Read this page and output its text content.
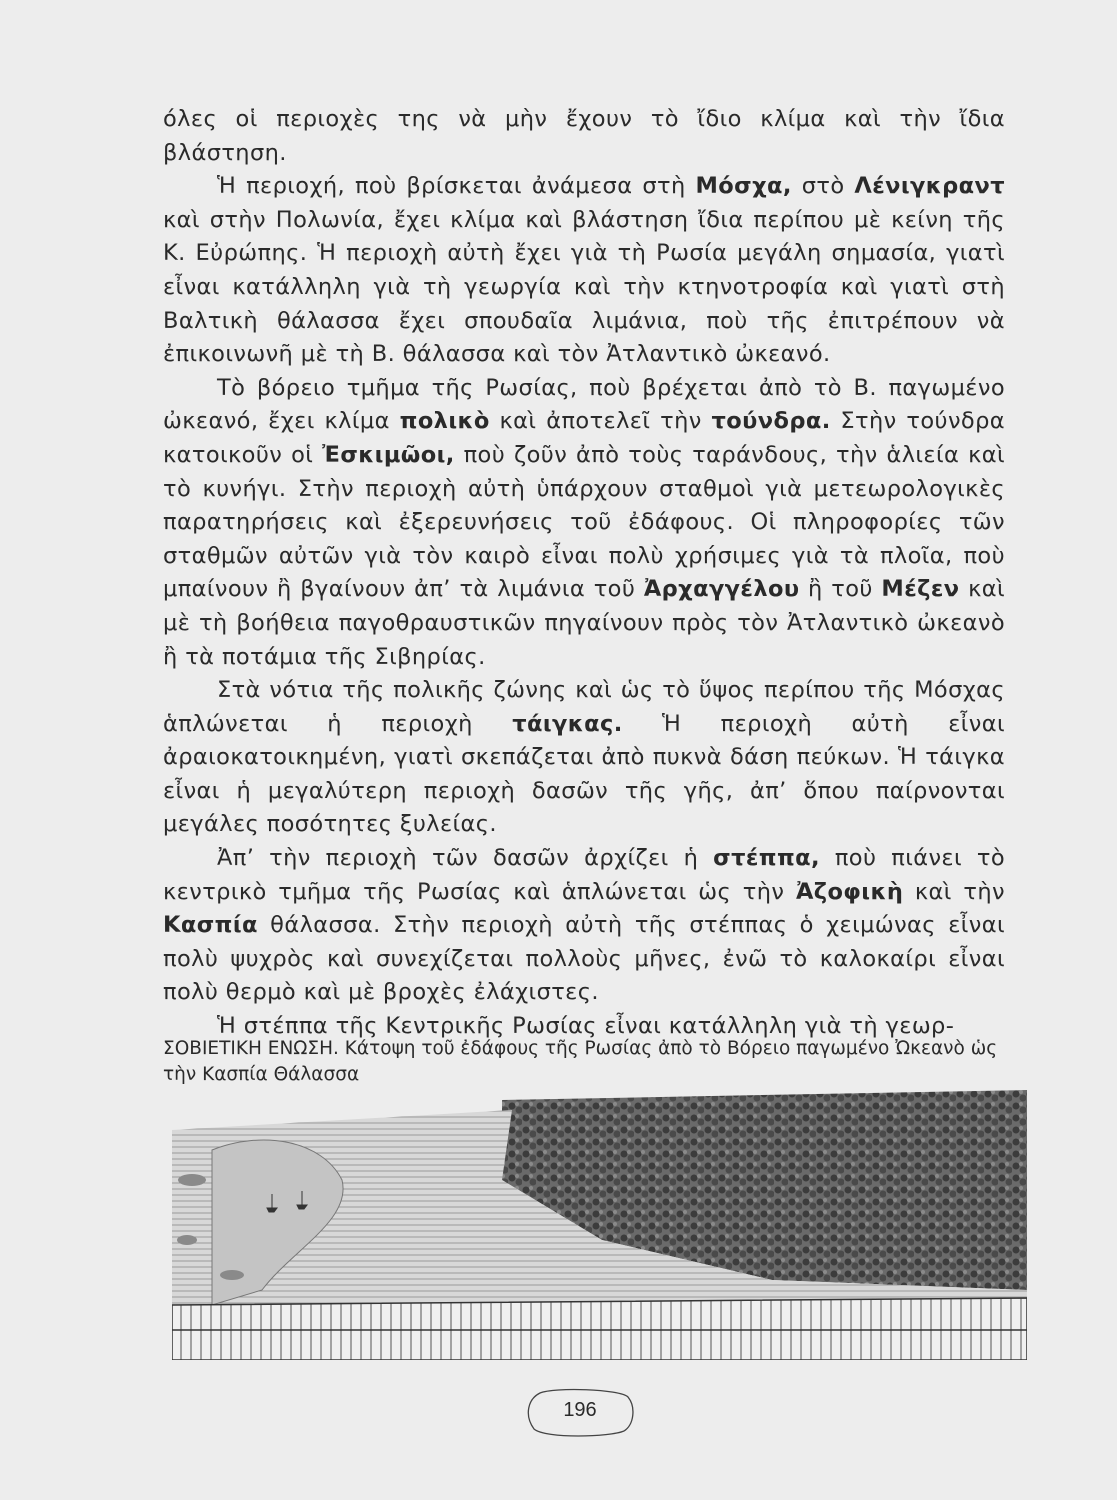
όλες οἱ περιοχὲς της νὰ μὴν ἔχουν τὸ ἴδιο κλίμα καὶ τὴν ἴδια βλάστηση.

Ἡ περιοχή, ποὺ βρίσκεται ἀνάμεσα στὴ Μόσχα, στὸ Λένιγκραντ καὶ στὴν Πολωνία, ἔχει κλίμα καὶ βλάστηση ἴδια περίπου μὲ κείνη τῆς Κ. Εὐρώπης. Ἡ περιοχὴ αὐτὴ ἔχει γιὰ τὴ Ρωσία μεγάλη σημασία, γιατὶ εἶναι κατάλληλη γιὰ τὴ γεωργία καὶ τὴν κτηνοτροφία καὶ γιατὶ στὴ Βαλτικὴ θάλασσα ἔχει σπουδαῖα λιμάνια, ποὺ τῆς ἐπιτρέπουν νὰ ἐπικοινωνῆ μὲ τὴ Β. θάλασσα καὶ τὸν Ἀτλαντικὸ ὠκεανό.

Τὸ βόρειο τμῆμα τῆς Ρωσίας, ποὺ βρέχεται ἀπὸ τὸ Β. παγωμένο ὠκεανό, ἔχει κλίμα πολικὸ καὶ ἀποτελεῖ τὴν τούνδρα. Στὴν τούνδρα κατοικοῦν οἱ Ἐσκιμῶοι, ποὺ ζοῦν ἀπὸ τοὺς ταράνδους, τὴν ἁλιεία καὶ τὸ κυνήγι. Στὴν περιοχὴ αὐτὴ ὑπάρχουν σταθμοὶ γιὰ μετεωρολογικὲς παρατηρήσεις καὶ ἐξερευνήσεις τοῦ ἐδάφους. Οἱ πληροφορίες τῶν σταθμῶν αὐτῶν γιὰ τὸν καιρὸ εἶναι πολὺ χρήσιμες γιὰ τὰ πλοῖα, ποὺ μπαίνουν ἢ βγαίνουν ἀπ’ τὰ λιμάνια τοῦ Ἀρχαγγέλου ἢ τοῦ Μέζεν καὶ μὲ τὴ βοήθεια παγοθραυστικῶν πηγαίνουν πρὸς τὸν Ἀτλαντικὸ ὠκεανὸ ἢ τὰ ποτάμια τῆς Σιβηρίας.

Στὰ νότια τῆς πολικῆς ζώνης καὶ ὡς τὸ ὕψος περίπου τῆς Μόσχας ἁπλώνεται ἡ περιοχὴ τάιγκας. Ἡ περιοχὴ αὐτὴ εἶναι ἀραιοκατοικημένη, γιατὶ σκεπάζεται ἀπὸ πυκνὰ δάση πεύκων. Ἡ τάιγκα εἶναι ἡ μεγαλύτερη περιοχὴ δασῶν τῆς γῆς, ἀπ’ ὅπου παίρνονται μεγάλες ποσότητες ξυλείας.

Ἀπ’ τὴν περιοχὴ τῶν δασῶν ἀρχίζει ἡ στέππα, ποὺ πιάνει τὸ κεντρικὸ τμῆμα τῆς Ρωσίας καὶ ἁπλώνεται ὡς τὴν Ἀζοφικὴ καὶ τὴν Κασπία θάλασσα. Στὴν περιοχὴ αὐτὴ τῆς στέππας ὁ χειμώνας εἶναι πολὺ ψυχρὸς καὶ συνεχίζεται πολλοὺς μῆνες, ἐνῶ τὸ καλοκαίρι εἶναι πολὺ θερμὸ καὶ μὲ βροχὲς ἐλάχιστες.

Ἡ στέππα τῆς Κεντρικῆς Ρωσίας εἶναι κατάλληλη γιὰ τὴ γεωρ-

ΣΟΒΙΕΤΙΚΗ ΕΝΩΣΗ. Κάτοψη τοῦ ἐδάφους τῆς Ρωσίας ἀπὸ τὸ Βόρειο παγωμένο Ὠκεανὸ ὡς τὴν Κασπία Θάλασσα

196
